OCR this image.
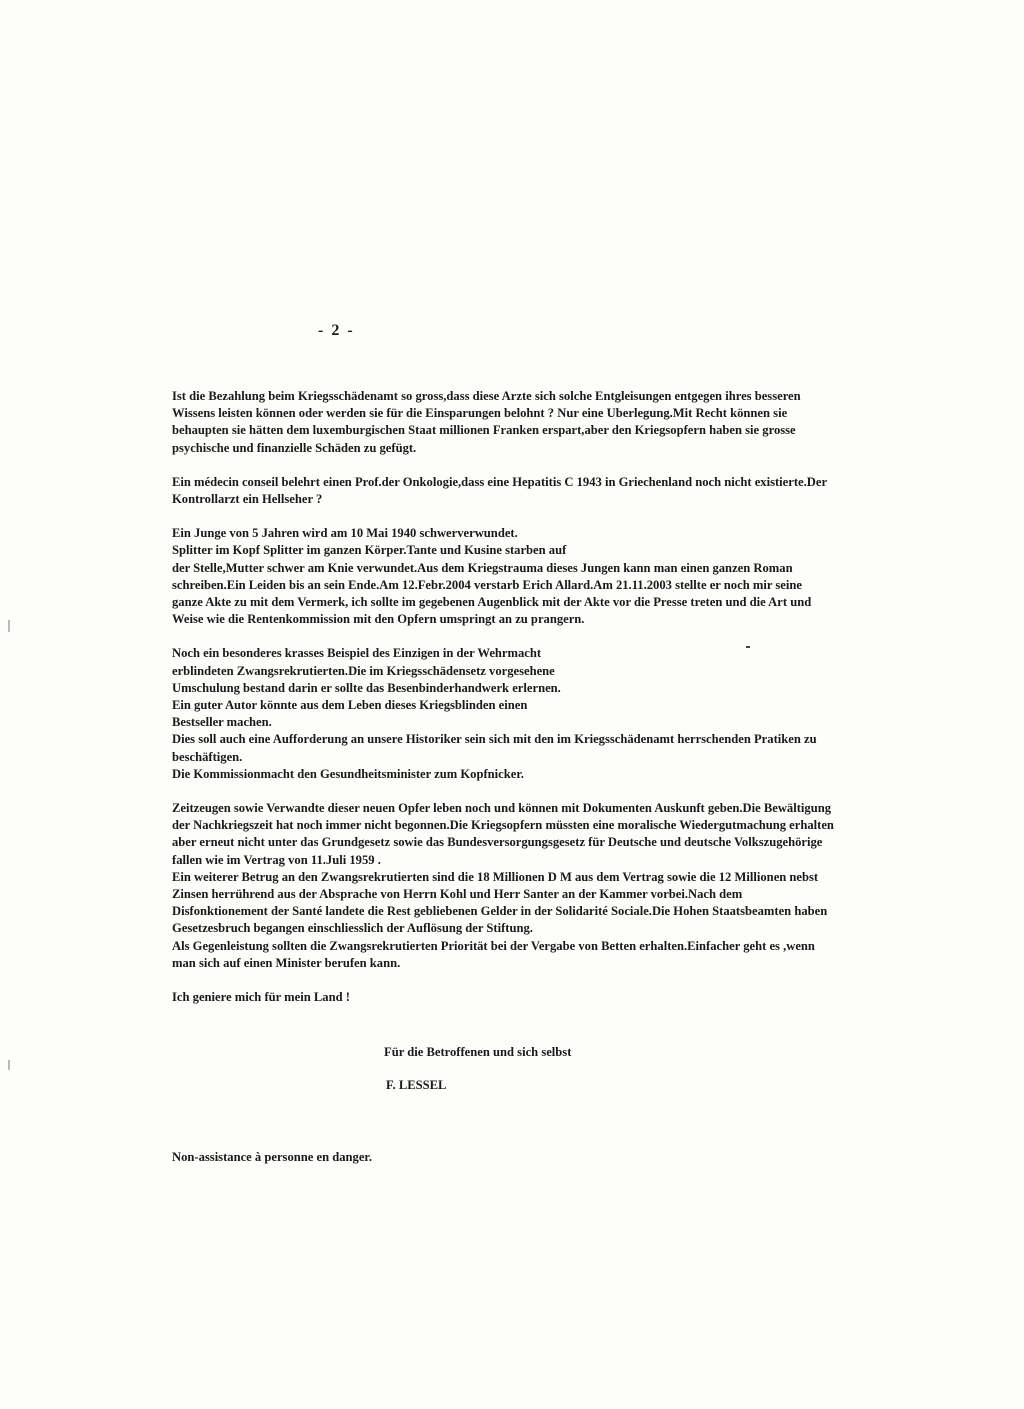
- 2 -

Ist die Bezahlung beim Kriegsschädenamt so gross,dass diese Arzte sich solche Entgleisungen entgegen ihres besseren
Wissens leisten können oder werden sie für die Einsparungen belohnt ? Nur eine Uberlegung.Mit Recht können sie
behaupten sie hätten dem luxemburgischen Staat millionen Franken erspart,aber den Kriegsopfern haben sie grosse
psychische und finanzielle Schäden zu gefügt.

Ein médecin conseil belehrt einen Prof.der Onkologie,dass eine Hepatitis C 1943 in Griechenland noch nicht existierte.Der
Kontrollarzt ein Hellseher ?

Ein Junge von 5 Jahren wird am 10 Mai 1940 schwerverwundet.
Splitter im Kopf Splitter im ganzen Körper.Tante und Kusine starben auf
der Stelle,Mutter schwer am Knie verwundet.Aus dem Kriegstrauma dieses Jungen kann man einen ganzen Roman
schreiben.Ein Leiden bis an sein Ende.Am 12.Febr.2004 verstarb Erich Allard.Am 21.11.2003 stellte er noch mir seine
ganze Akte zu mit dem Vermerk, ich sollte im gegebenen Augenblick mit der Akte vor die Presse treten und die Art und
Weise wie die Rentenkommission mit den Opfern umspringt an zu prangern.

Noch ein besonderes krasses Beispiel des Einzigen in der Wehrmacht
erblindeten Zwangsrekrutierten.Die im Kriegsschädensetz vorgesehene
Umschulung bestand darin er sollte das Besenbinderhandwerk erlernen.
Ein guter Autor könnte aus dem Leben dieses Kriegsblinden einen
Bestseller machen.
Dies soll auch eine Aufforderung an unsere Historiker sein sich mit den im Kriegsschädenamt herrschenden Pratiken zu
beschäftigen.
Die Kommissionmacht den Gesundheitsminister zum Kopfnicker.

Zeitzeugen sowie Verwandte dieser neuen Opfer leben noch und können mit Dokumenten Auskunft geben.Die Bewältigung
der Nachkriegszeit hat noch immer nicht begonnen.Die Kriegsopfern müssten eine moralische Wiedergutmachung erhalten
aber erneut nicht unter das Grundgesetz sowie das Bundesversorgungsgesetz für Deutsche und deutsche Volkszugehörige
fallen wie im Vertrag von 11.Juli 1959 .
Ein weiterer Betrug an den Zwangsrekrutierten sind die 18 Millionen D M aus dem Vertrag sowie die 12 Millionen nebst
Zinsen herrührend aus der Absprache von Herrn Kohl und Herr Santer an der Kammer vorbei.Nach dem
Disfonktionement der Santé landete die Rest gebliebenen Gelder in der Solidarité Sociale.Die Hohen Staatsbeamten haben
Gesetzesbruch begangen einschliesslich der Auflösung der Stiftung.
Als Gegenleistung sollten die Zwangsrekrutierten Priorität bei der Vergabe von Betten erhalten.Einfacher geht es ,wenn
man sich auf einen Minister berufen kann.

Ich geniere mich für mein Land !

Für die Betroffenen und sich selbst
F. LESSEL
Non-assistance à personne en danger.
